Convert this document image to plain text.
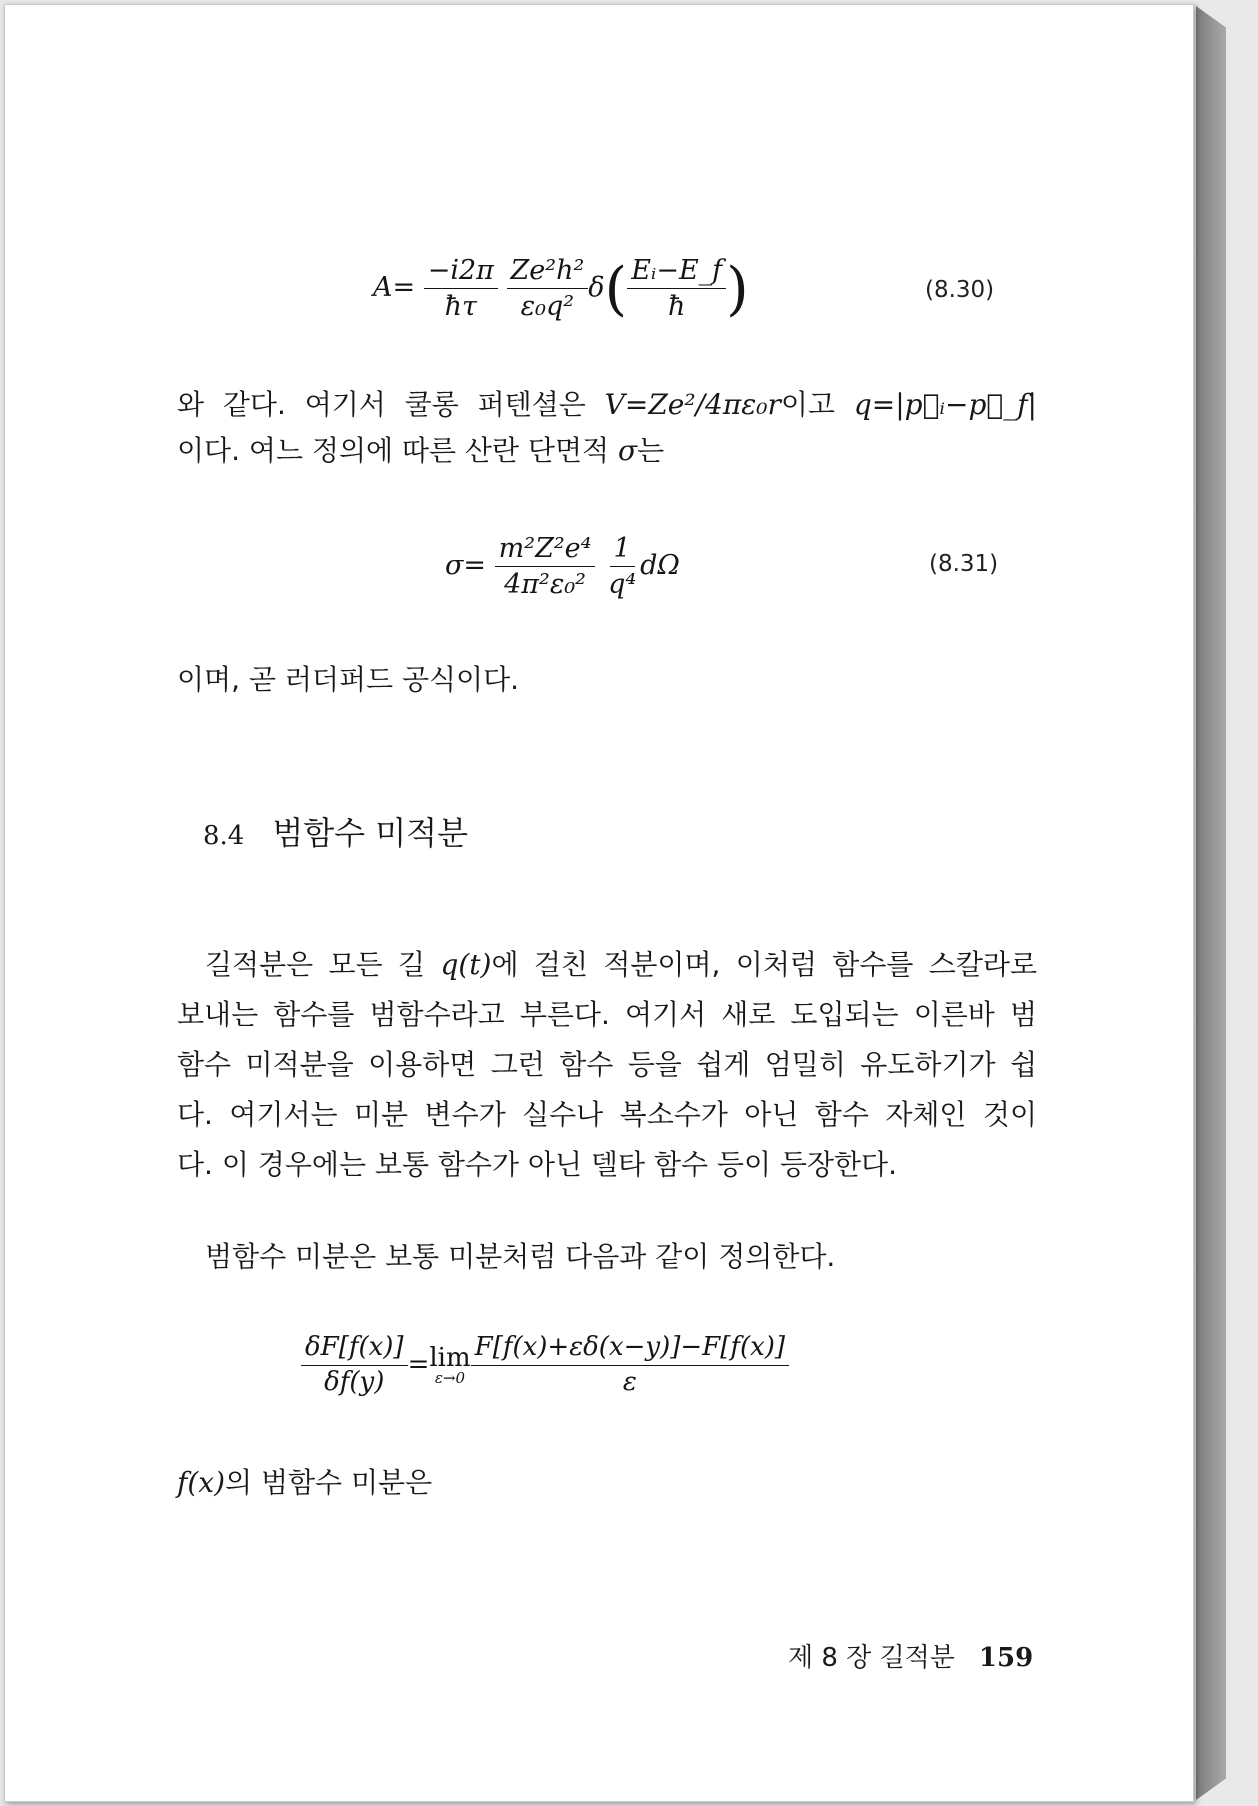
$A= \frac{-i2\pi}{ħ\tau}$
$\frac{\text{Ze²h²}}{\text{ε₀q²}} \delta( \frac{\text{Eᵢ−E\_f}}{ħ}$ )	(8.30)
와 같다. 여기서 쿨롱 퍼텐셜은 V=Ze²/4πε₀r이고 q=|p⃗ᵢ−p⃗_f|
이다. 여느 정의에 따른 산란 단면적 σ는
$\sigma= \frac{\text{m²Z²e⁴}}{\text{4π²ε₀²}}$
$\frac{1}{\text{q⁴}}$ dΩ	(8.31)
이며, 곧 러더퍼드 공식이다.
8.4 범함수 미적분
길적분은 모든 길 q(t)에 걸친 적분이며, 이처럼 함수를 스칼라로
보내는 함수를 범함수라고 부른다. 여기서 새로 도입되는 이른바 범
함수 미적분을 이용하면 그런 함수 등을 쉽게 엄밀히 유도하기가 쉽
다. 여기서는 미분 변수가 실수나 복소수가 아닌 함수 자체인 것이
다. 이 경우에는 보통 함수가 아닌 델타 함수 등이 등장한다.
범함수 미분은 보통 미분처럼 다음과 같이 정의한다.
$\frac{\delta F[f(x)]}{\delta f(y)} = \lim$
$\varepsilon\to 0 \frac{F[f(x)+\varepsilon\delta(x-y)]-F[f(x)]}{\varepsilon}$
f(x)의 범함수 미분은
제 8 장 길적분 159
